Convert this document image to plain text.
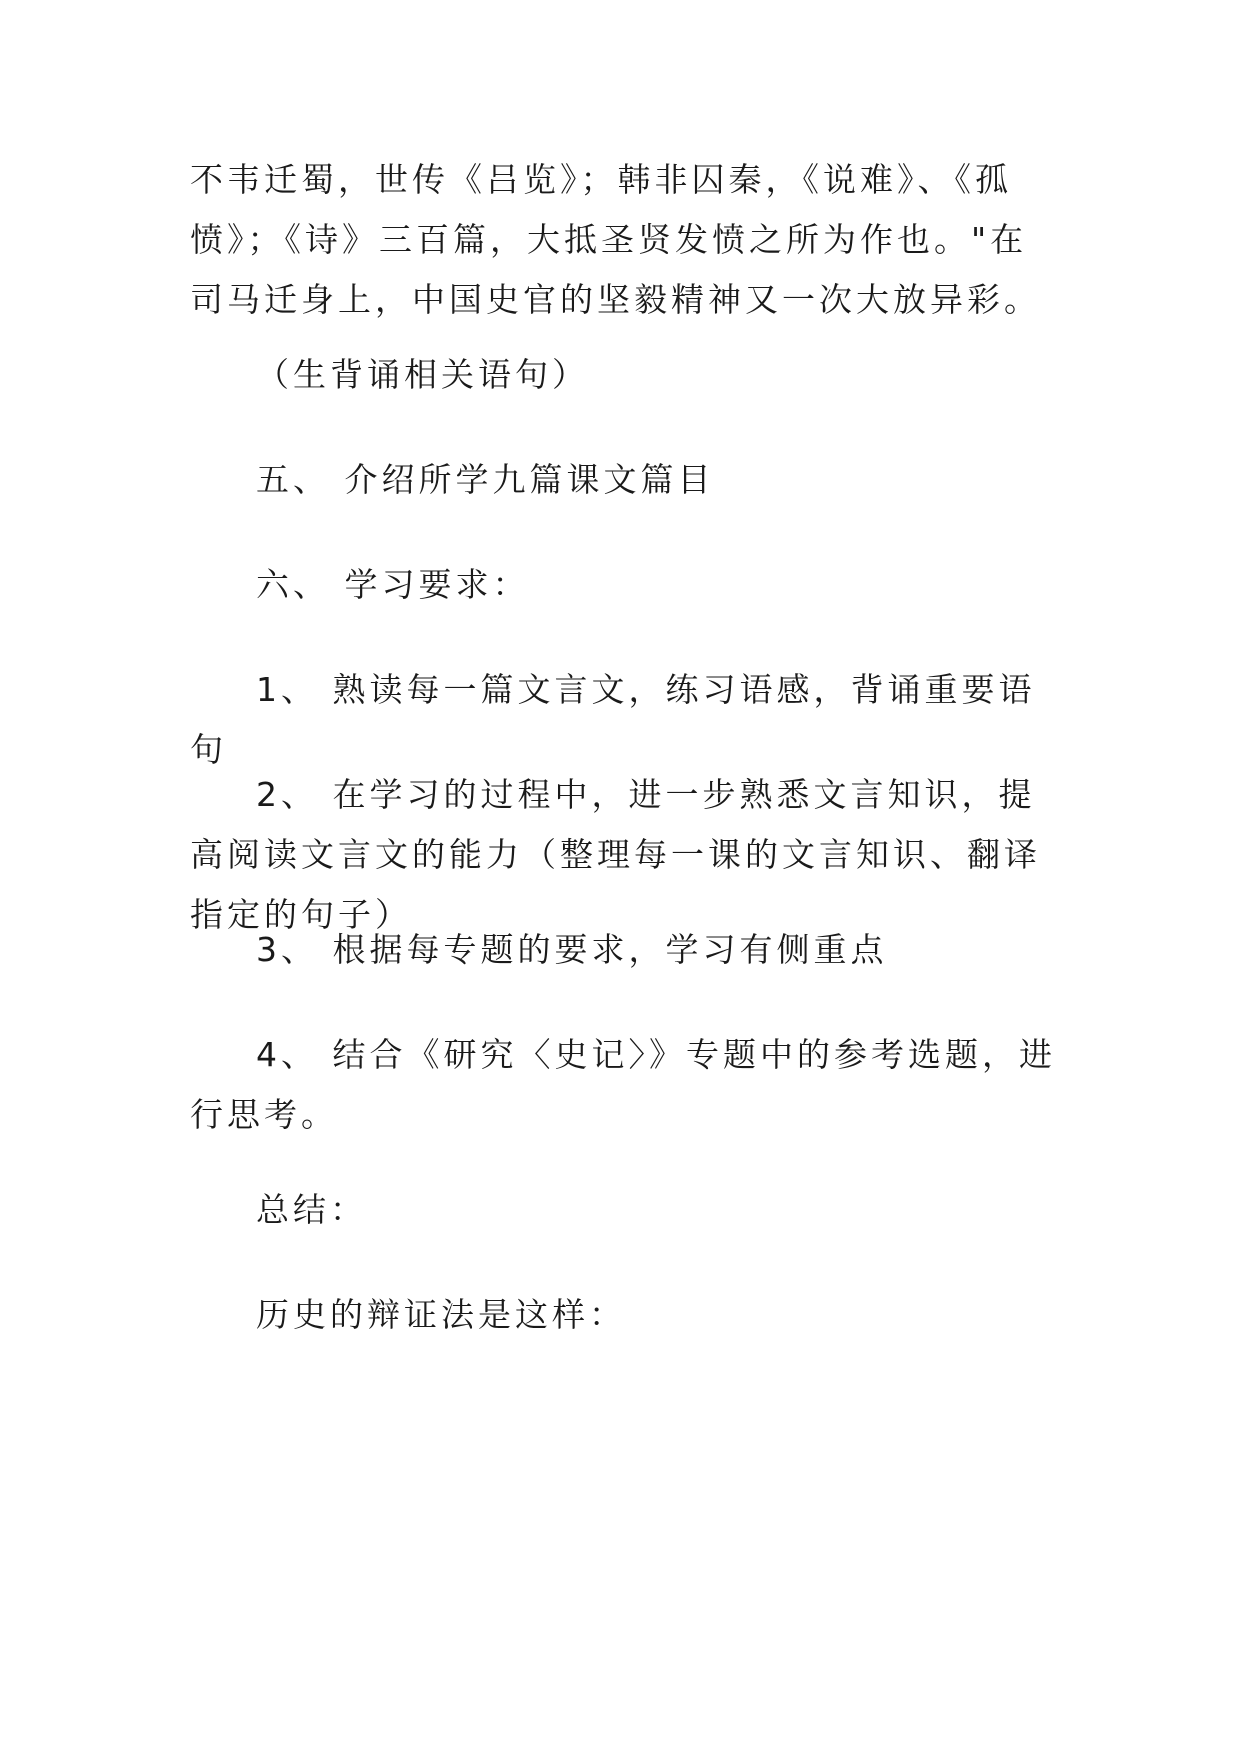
不韦迁蜀，世传《吕览》；韩非囚秦，《说难》、《孤愤》；《诗》三百篇，大抵圣贤发愤之所为作也。"在司马迁身上，中国史官的坚毅精神又一次大放异彩。

（生背诵相关语句）

五、 介绍所学九篇课文篇目

六、 学习要求：

1、 熟读每一篇文言文，练习语感，背诵重要语句

2、 在学习的过程中，进一步熟悉文言知识，提高阅读文言文的能力（整理每一课的文言知识、翻译指定的句子）

3、 根据每专题的要求，学习有侧重点

4、 结合《研究〈史记〉》专题中的参考选题，进行思考。

总结：

历史的辩证法是这样：
